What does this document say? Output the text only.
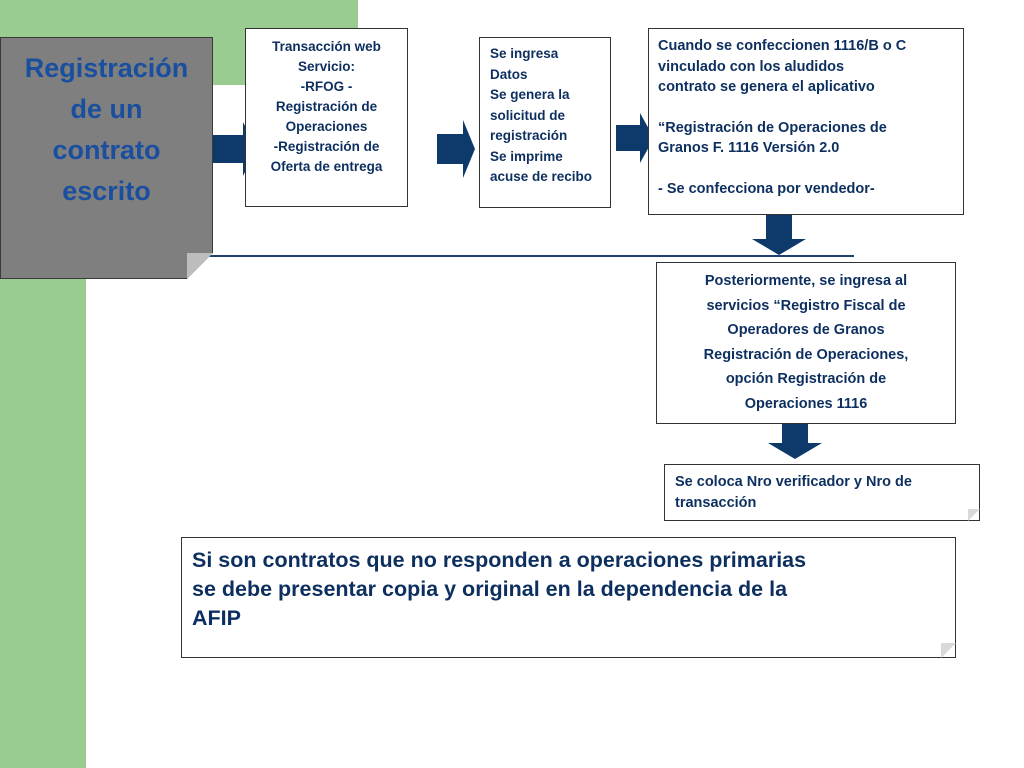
Registración
de un
contrato
escrito
Transacción web
Servicio:
-RFOG -
Registración de
Operaciones
-Registración de
Oferta de entrega
Se ingresa
Datos
Se genera la
solicitud de
registración
Se imprime
acuse de recibo
Cuando se confeccionen 1116/B o C
vinculado con los aludidos
contrato se genera el aplicativo
“Registración de Operaciones de
Granos F. 1116 Versión 2.0
- Se confecciona por vendedor-
Posteriormente, se ingresa al
servicios “Registro Fiscal de
Operadores de Granos
Registración de Operaciones,
opción Registración de
Operaciones 1116
Se coloca Nro verificador y Nro de
transacción
Si son contratos que no responden a operaciones primarias
se debe presentar copia y original en la dependencia de la
AFIP
